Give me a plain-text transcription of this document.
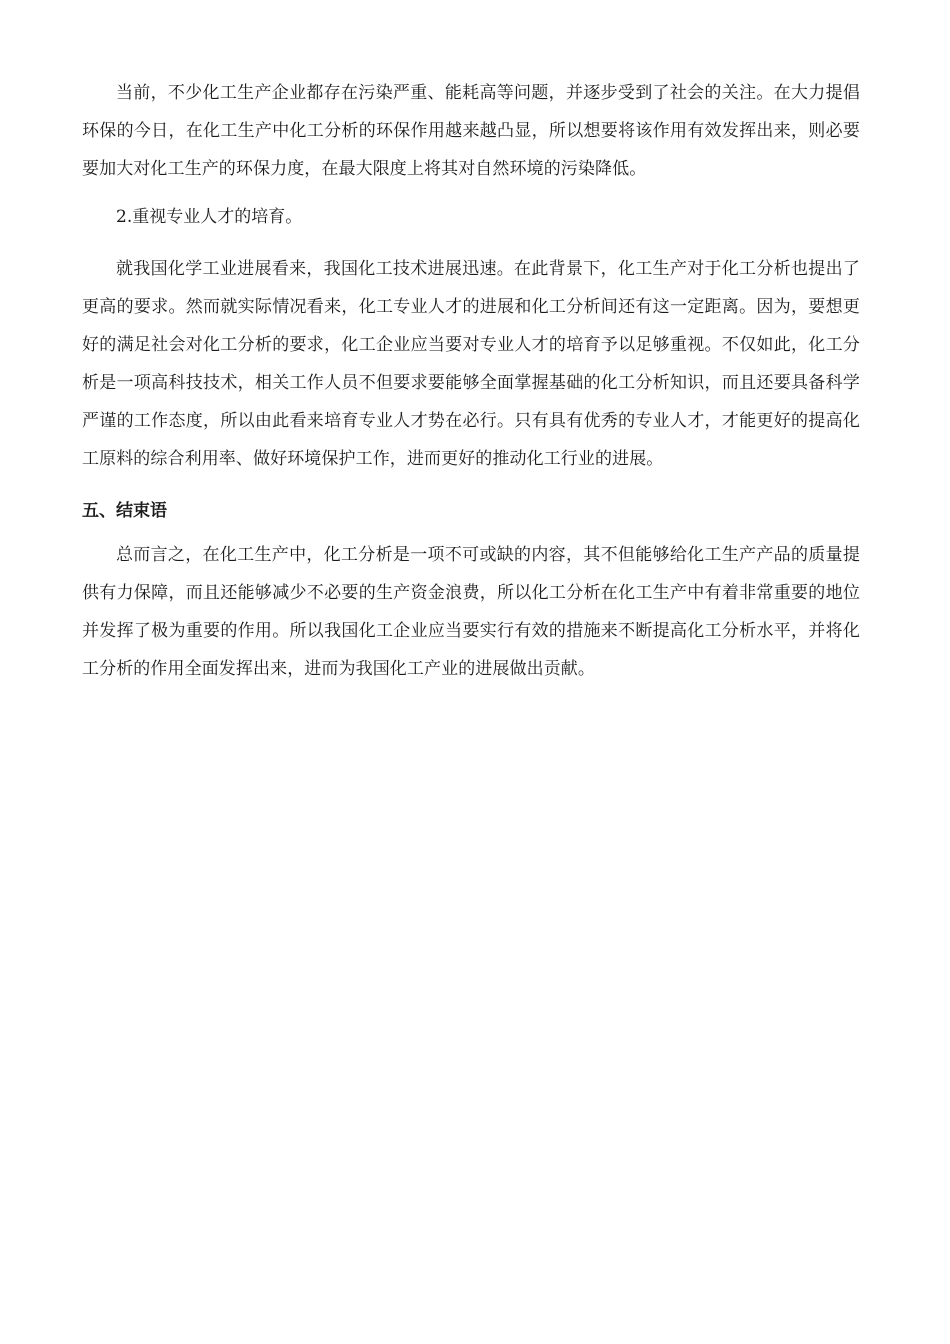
当前，不少化工生产企业都存在污染严重、能耗高等问题，并逐步受到了社会的关注。在大力提倡环保的今日，在化工生产中化工分析的环保作用越来越凸显，所以想要将该作用有效发挥出来，则必要要加大对化工生产的环保力度，在最大限度上将其对自然环境的污染降低。

2.重视专业人才的培育。

就我国化学工业进展看来，我国化工技术进展迅速。在此背景下，化工生产对于化工分析也提出了更高的要求。然而就实际情况看来，化工专业人才的进展和化工分析间还有这一定距离。因为，要想更好的满足社会对化工分析的要求，化工企业应当要对专业人才的培育予以足够重视。不仅如此，化工分析是一项高科技技术，相关工作人员不但要求要能够全面掌握基础的化工分析知识，而且还要具备科学严谨的工作态度，所以由此看来培育专业人才势在必行。只有具有优秀的专业人才，才能更好的提高化工原料的综合利用率、做好环境保护工作，进而更好的推动化工行业的进展。

五、结束语

总而言之，在化工生产中，化工分析是一项不可或缺的内容，其不但能够给化工生产产品的质量提供有力保障，而且还能够减少不必要的生产资金浪费，所以化工分析在化工生产中有着非常重要的地位并发挥了极为重要的作用。所以我国化工企业应当要实行有效的措施来不断提高化工分析水平，并将化工分析的作用全面发挥出来，进而为我国化工产业的进展做出贡献。
